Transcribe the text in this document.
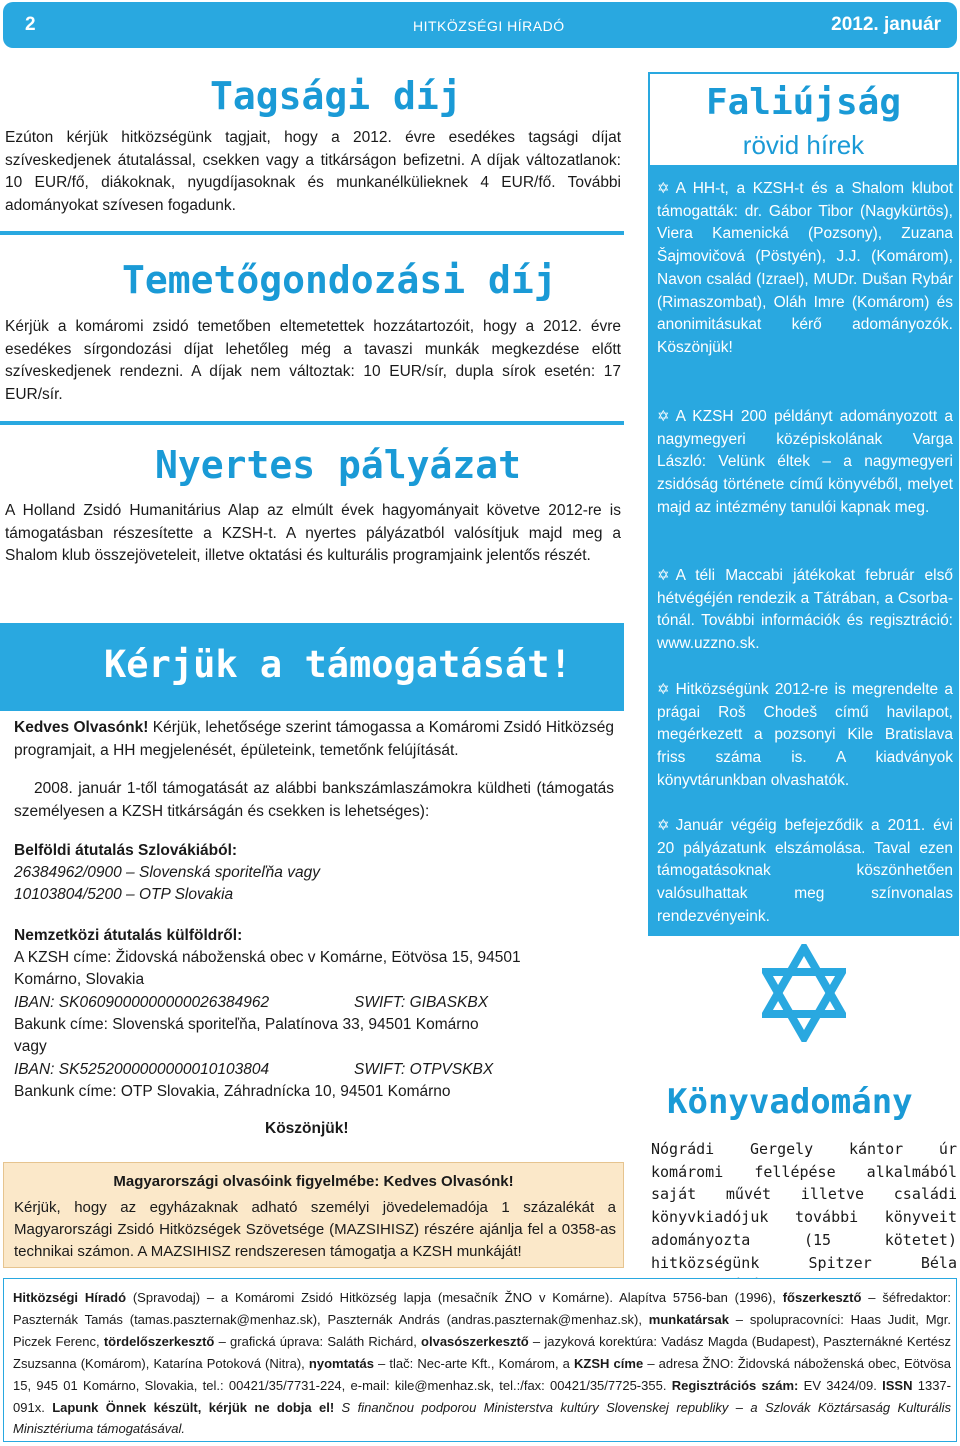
2	HITKÖZSÉGI HÍRADÓ	2012. január
Tagsági díj
Ezúton kérjük hitközségünk tagjait, hogy a 2012. évre esedékes tagsági díjat szíveskedjenek átutalással, csekken vagy a titkárságon befizetni. A díjak változatlanok: 10 EUR/fő, diákoknak, nyugdíjasoknak és munkanélkülieknek 4 EUR/fő. További adományokat szívesen fogadunk.
Temetőgondozási díj
Kérjük a komáromi zsidó temetőben eltemetettek hozzátartozóit, hogy a 2012. évre esedékes sírgondozási díjat lehetőleg még a tavaszi munkák megkezdése előtt szíveskedjenek rendezni. A díjak nem változtak: 10 EUR/sír, dupla sírok esetén: 17 EUR/sír.
Nyertes pályázat
A Holland Zsidó Humanitárius Alap az elmúlt évek hagyományait követve 2012-re is támogatásban részesítette a KZSH-t. A nyertes pályázatból valósítjuk majd meg a Shalom klub összejöveteleit, illetve oktatási és kulturális programjaink jelentős részét.
Kérjük a támogatását!
Kedves Olvasónk! Kérjük, lehetősége szerint támogassa a Komáromi Zsidó Hitközség programjait, a HH megjelenését, épületeink, temetőnk felújítását.
2008. január 1-től támogatását az alábbi bankszámlaszámokra küldheti (támogatás személyesen a KZSH titkárságán és csekken is lehetséges):
Belföldi átutalás Szlovákiából:
26384962/0900 – Slovenská sporiteľňa vagy
10103804/5200 – OTP Slovakia
Nemzetközi átutalás külföldről:
A KZSH címe: Židovská náboženská obec v Komárne, Eötvösa 15, 94501
Komárno, Slovakia
IBAN: SK0609000000000026384962	SWIFT: GIBASKBX
Bakunk címe: Slovenská sporiteľňa, Palatínova 33, 94501 Komárno
vagy
IBAN: SK5252000000000010103804	SWIFT: OTPVSKBX
Bankunk címe: OTP Slovakia, Záhradnícka 10, 94501 Komárno
Köszönjük!
Magyarországi olvasóink figyelmébe: Kedves Olvasónk!
Kérjük, hogy az egyházaknak adható személyi jövedelemadója 1 százalékát a Magyarországi Zsidó Hitközségek Szövetsége (MAZSIHISZ) részére ajánlja fel a 0358-as technikai számon. A MAZSIHISZ rendszeresen támogatja a KZSH munkáját!
Faliújság
rövid hírek
✡ A HH-t, a KZSH-t és a Shalom klubot támogatták: dr. Gábor Tibor (Nagykürtös), Viera Kamenická (Pozsony), Zuzana Šajmovičová (Pöstyén), J.J. (Komárom), Navon család (Izrael), MUDr. Dušan Rybár (Rimaszombat), Oláh Imre (Komárom) és anonimitásukat kérő adományozók. Köszönjük!
✡ A KZSH 200 példányt adományozott a nagymegyeri középiskolának Varga László: Velünk éltek – a nagymegyeri zsidóság története című könyvéből, melyet majd az intézmény tanulói kapnak meg.
✡ A téli Maccabi játékokat február első hétvégéjén rendezik a Tátrában, a Csorba-tónál. További információk és regisztráció: www.uzzno.sk.
✡ Hitközségünk 2012-re is megrendelte a prágai Roš Chodeš című havilapot, megérkezett a pozsonyi Kile Bratislava friss száma is. A kiadványok könyvtárunkban olvashatók.
✡ Január végéig befejeződik a 2011. évi 20 pályázatunk elszámolása. Taval ezen támogatásoknak köszönhetően valósulhattak meg színvonalas rendezvényeink.
Könyvadomány
Nógrádi Gergely kántor úr komáromi fellépése alkalmából saját művét illetve családi könyvkiadójuk további könyveit adományozta (15 kötetet) hitközségünk Spitzer Béla
Hitközségi Híradó (Spravodaj) – a Komáromi Zsidó Hitközség lapja (mesačník ŽNO v Komárne). Alapítva 5756-ban (1996), főszerkesztő – šéfredaktor: Paszternák Tamás (tamas.paszternak@menhaz.sk), Paszternák András (andras.paszternak@menhaz.sk), munkatársak – spolupracovníci: Haas Judit, Mgr. Piczek Ferenc, tördelőszerkesztő – grafická úprava: Saláth Richárd, olvasószerkesztő – jazyková korektúra: Vadász Magda (Budapest), Paszternákné Kertész Zsuzsanna (Komárom), Katarína Potoková (Nitra), nyomtatás – tlač: Nec-arte Kft., Komárom, a KZSH címe – adresa ŽNO: Židovská náboženská obec, Eötvösa 15, 945 01 Komárno, Slovakia, tel.: 00421/35/7731-224, e-mail: kile@menhaz.sk, tel.:/fax: 00421/35/7725-355. Regisztrációs szám: EV 3424/09. ISSN 1337-091x. Lapunk Önnek készült, kérjük ne dobja el! S finančnou podporou Ministerstva kultúry Slovenskej republiky – a Szlovák Köztársaság Kulturális Minisztériuma támogatásával.
